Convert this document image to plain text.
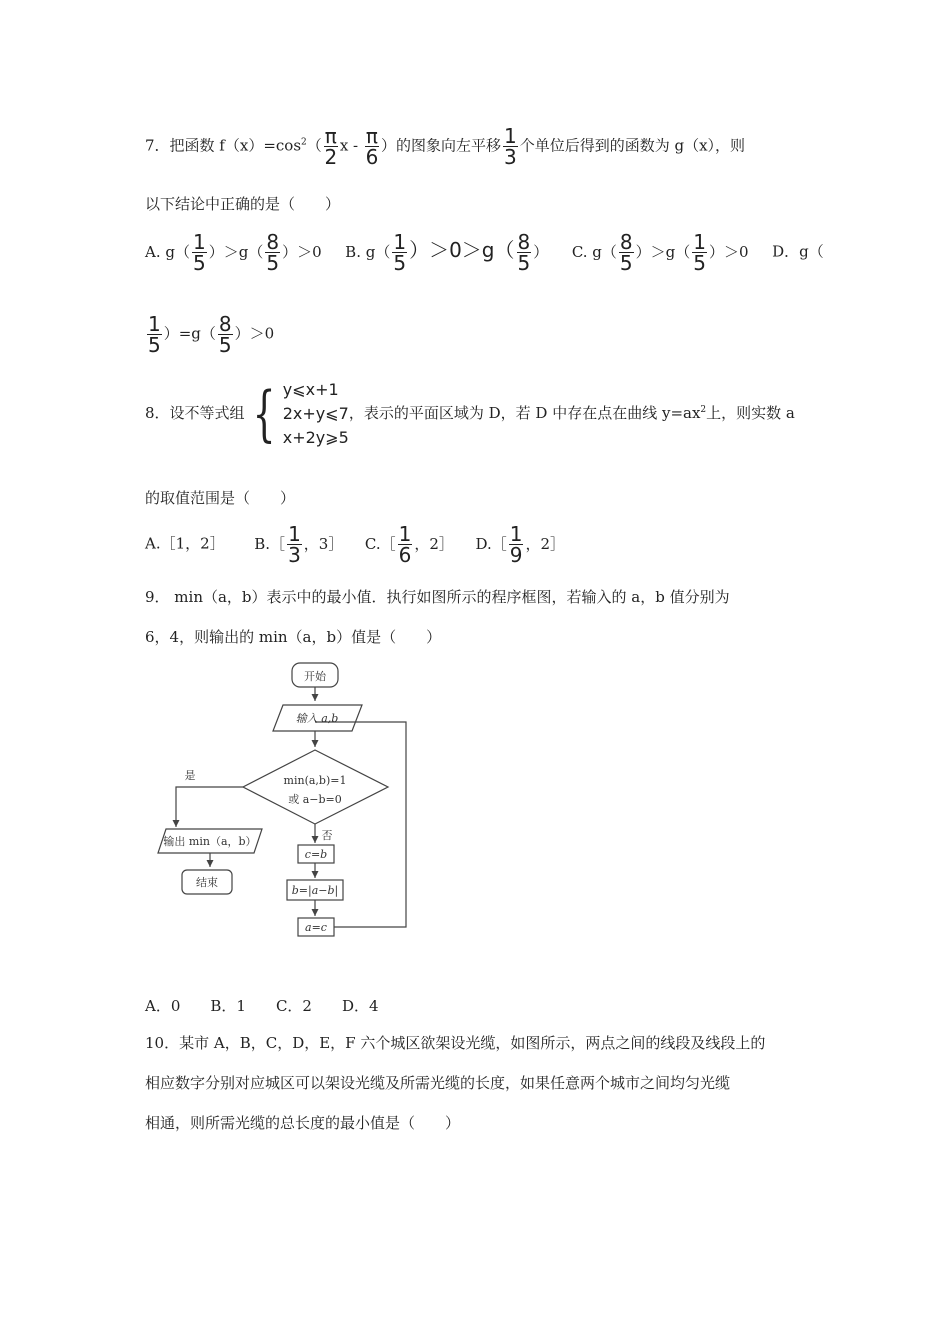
7．把函数 $f(x)=\cos^2( \frac{\pi}{2}$ x - $\frac{\pi}{6}$ ）的图象向左平移 $\frac{1}{3}$ 个单位后得到的函数为 g（x），则
以下结论中正确的是（　　）
A. $g( \frac{1}{5} )>g( \frac{8}{5} )>0$ B. $g( \frac{1}{5} )>0>g( \frac{8}{5}$ ） C. $g( \frac{8}{5} )>g( \frac{1}{5} )>0$ D．g（
$\frac{1}{5} )=g( \frac{8}{5} )>0$
8．设不等式组 { y⩽x+1
2x+y⩽7
x+2y⩾5
，表示的平面区域为 D，若 D 中存在点在曲线 $y=ax^2$上，则实数 a
的取值范围是（　　）
A.［1，2］ B.［ $\frac{1}{3}$ ，3］ C.［ $\frac{1}{6}$ ，2］ D.［ $\frac{1}{9}$ ，2］
9． min（a，b）表示中的最小值．执行如图所示的程序框图，若输入的 a，b 值分别为
6，4，则输出的 min（a，b）值是（　　）
开始
输入 a,b
min(a,b)=1
或 a−b=0
是
否
输出 min（a，b）
结束
c=b
b=|a−b|
a=c
A．0　　B．1　　C．2　　D．4
10．某市 A，B，C，D，E，F 六个城区欲架设光缆，如图所示，两点之间的线段及线段上的
相应数字分别对应城区可以架设光缆及所需光缆的长度，如果任意两个城市之间均匀光缆
相通，则所需光缆的总长度的最小值是（　　）
